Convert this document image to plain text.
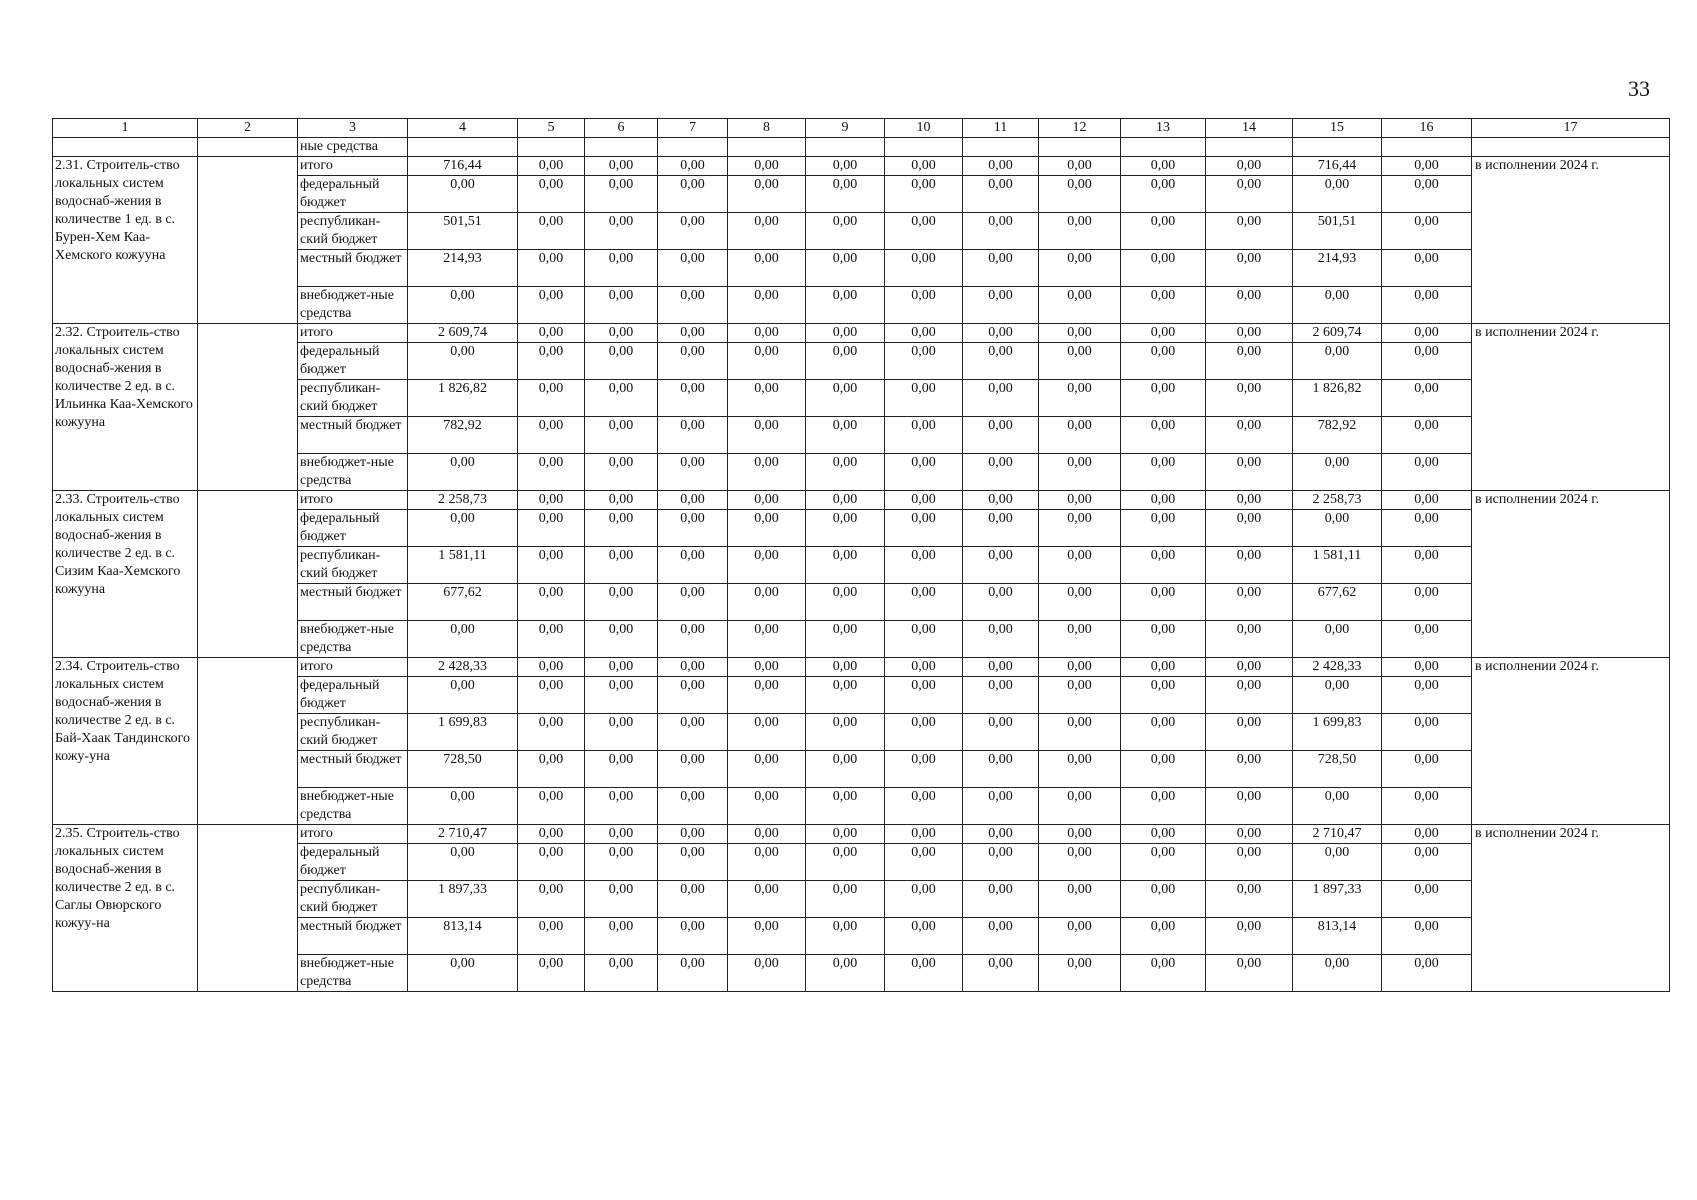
33
1	2	3	4	5	6	7	8	9	10	11	12	13	14	15	16	17
		ные средства														
2.31. Строитель-ство локальных систем водоснаб-жения в количестве 1 ед. в с. Бурен-Хем Каа-Хемского кожууна		итого	716,44	0,00	0,00	0,00	0,00	0,00	0,00	0,00	0,00	0,00	0,00	716,44	0,00	в исполнении 2024 г.
		федеральный бюджет	0,00	0,00	0,00	0,00	0,00	0,00	0,00	0,00	0,00	0,00	0,00	0,00	0,00	
		республикан-ский бюджет	501,51	0,00	0,00	0,00	0,00	0,00	0,00	0,00	0,00	0,00	0,00	501,51	0,00	
		местный бюджет	214,93	0,00	0,00	0,00	0,00	0,00	0,00	0,00	0,00	0,00	0,00	214,93	0,00	
		внебюджет-ные средства	0,00	0,00	0,00	0,00	0,00	0,00	0,00	0,00	0,00	0,00	0,00	0,00	0,00	
2.32. Строитель-ство локальных систем водоснаб-жения в количестве 2 ед. в с. Ильинка Каа-Хемского кожууна		итого	2 609,74	0,00	0,00	0,00	0,00	0,00	0,00	0,00	0,00	0,00	0,00	2 609,74	0,00	в исполнении 2024 г.
		федеральный бюджет	0,00	0,00	0,00	0,00	0,00	0,00	0,00	0,00	0,00	0,00	0,00	0,00	0,00	
		республикан-ский бюджет	1 826,82	0,00	0,00	0,00	0,00	0,00	0,00	0,00	0,00	0,00	0,00	1 826,82	0,00	
		местный бюджет	782,92	0,00	0,00	0,00	0,00	0,00	0,00	0,00	0,00	0,00	0,00	782,92	0,00	
		внебюджет-ные средства	0,00	0,00	0,00	0,00	0,00	0,00	0,00	0,00	0,00	0,00	0,00	0,00	0,00	
2.33. Строитель-ство локальных систем водоснаб-жения в количестве 2 ед. в с. Сизим Каа-Хемского кожууна		итого	2 258,73	0,00	0,00	0,00	0,00	0,00	0,00	0,00	0,00	0,00	0,00	2 258,73	0,00	в исполнении 2024 г.
		федеральный бюджет	0,00	0,00	0,00	0,00	0,00	0,00	0,00	0,00	0,00	0,00	0,00	0,00	0,00	
		республикан-ский бюджет	1 581,11	0,00	0,00	0,00	0,00	0,00	0,00	0,00	0,00	0,00	0,00	1 581,11	0,00	
		местный бюджет	677,62	0,00	0,00	0,00	0,00	0,00	0,00	0,00	0,00	0,00	0,00	677,62	0,00	
		внебюджет-ные средства	0,00	0,00	0,00	0,00	0,00	0,00	0,00	0,00	0,00	0,00	0,00	0,00	0,00	
2.34. Строитель-ство локальных систем водоснаб-жения в количестве 2 ед. в с. Бай-Хаак Тандинского кожу-уна		итого	2 428,33	0,00	0,00	0,00	0,00	0,00	0,00	0,00	0,00	0,00	0,00	2 428,33	0,00	в исполнении 2024 г.
		федеральный бюджет	0,00	0,00	0,00	0,00	0,00	0,00	0,00	0,00	0,00	0,00	0,00	0,00	0,00	
		республикан-ский бюджет	1 699,83	0,00	0,00	0,00	0,00	0,00	0,00	0,00	0,00	0,00	0,00	1 699,83	0,00	
		местный бюджет	728,50	0,00	0,00	0,00	0,00	0,00	0,00	0,00	0,00	0,00	0,00	728,50	0,00	
		внебюджет-ные средства	0,00	0,00	0,00	0,00	0,00	0,00	0,00	0,00	0,00	0,00	0,00	0,00	0,00	
2.35. Строитель-ство локальных систем водоснаб-жения в количестве 2 ед. в с. Саглы Овюрского кожуу-на		итого	2 710,47	0,00	0,00	0,00	0,00	0,00	0,00	0,00	0,00	0,00	0,00	2 710,47	0,00	в исполнении 2024 г.
		федеральный бюджет	0,00	0,00	0,00	0,00	0,00	0,00	0,00	0,00	0,00	0,00	0,00	0,00	0,00	
		республикан-ский бюджет	1 897,33	0,00	0,00	0,00	0,00	0,00	0,00	0,00	0,00	0,00	0,00	1 897,33	0,00	
		местный бюджет	813,14	0,00	0,00	0,00	0,00	0,00	0,00	0,00	0,00	0,00	0,00	813,14	0,00	
		внебюджет-ные средства	0,00	0,00	0,00	0,00	0,00	0,00	0,00	0,00	0,00	0,00	0,00	0,00	0,00	
